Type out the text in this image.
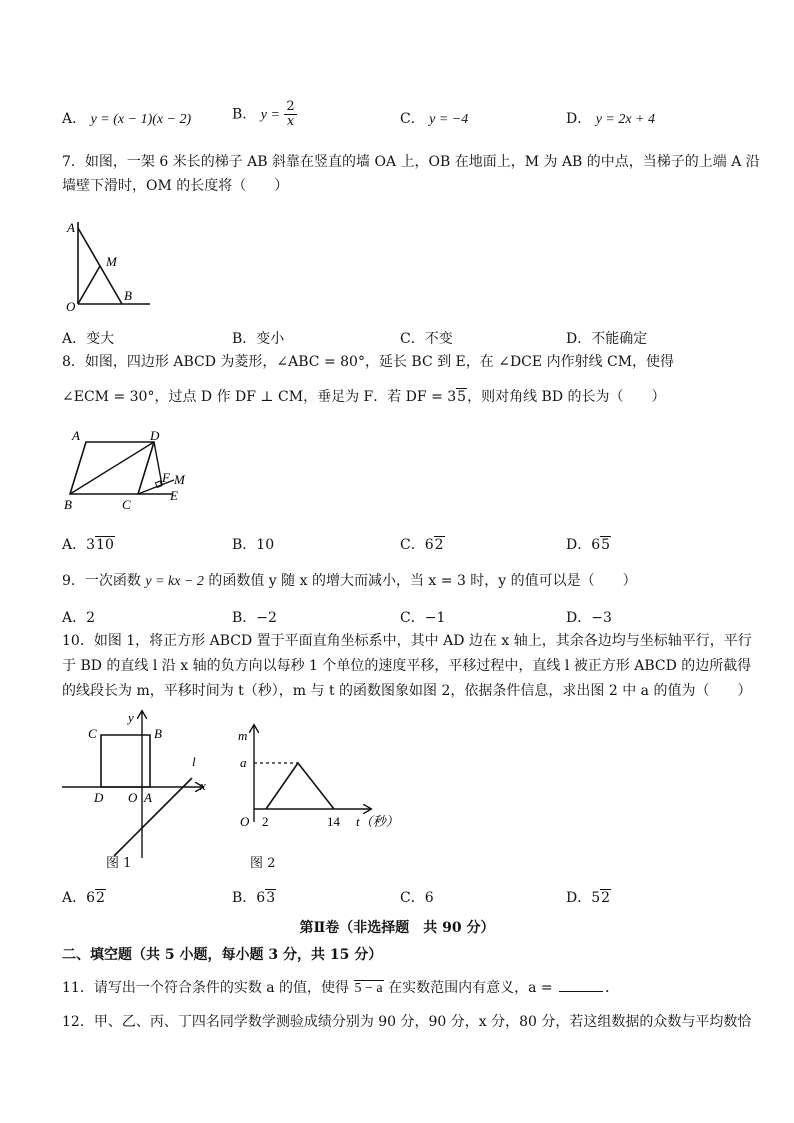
A． y = (x − 1)(x − 2)	B． $y = \frac{2}{x}$	C． y = −4	D． y = 2x + 4
7．如图，一架 6 米长的梯子 AB 斜靠在竖直的墙 OA 上，OB 在地面上，M 为 AB 的中点，当梯子的上端 A 沿
墙壁下滑时，OM 的长度将（　　）
A
M
O
B
A．变大	B．变小	C．不变	D．不能确定
8．如图，四边形 ABCD 为菱形，∠ABC = 80°，延长 BC 到 E，在 ∠DCE 内作射线 CM，使得
∠ECM = 30°，过点 D 作 DF ⊥ CM，垂足为 F．若 DF = 35，则对角线 BD 的长为（　　）
A	D
B	C
E
F M
A．310	B．10	C．62	D．65
9．一次函数 y = kx − 2 的函数值 y 随 x 的增大而减小，当 x = 3 时，y 的值可以是（　　）
A．2	B．−2	C．−1	D．−3
10．如图 1，将正方形 ABCD 置于平面直角坐标系中，其中 AD 边在 x 轴上，其余各边均与坐标轴平行，平行
于 BD 的直线 l 沿 x 轴的负方向以每秒 1 个单位的速度平移，平移过程中，直线 l 被正方形 ABCD 的边所截得
的线段长为 m，平移时间为 t（秒），m 与 t 的函数图象如图 2，依据条件信息，求出图 2 中 a 的值为（　　）
y
C	B
l
x
D O A
图 1
m
a
O 2	14 t（秒）
图 2
A．62	B．63	C．6	D．52
第Ⅱ卷（非选择题　共 90 分）
二、填空题（共 5 小题，每小题 3 分，共 15 分）
11．请写出一个符合条件的实数 a 的值，使得 5 − a 在实数范围内有意义，a =	．
12．甲、乙、丙、丁四名同学数学测验成绩分别为 90 分，90 分，x 分，80 分，若这组数据的众数与平均数恰
